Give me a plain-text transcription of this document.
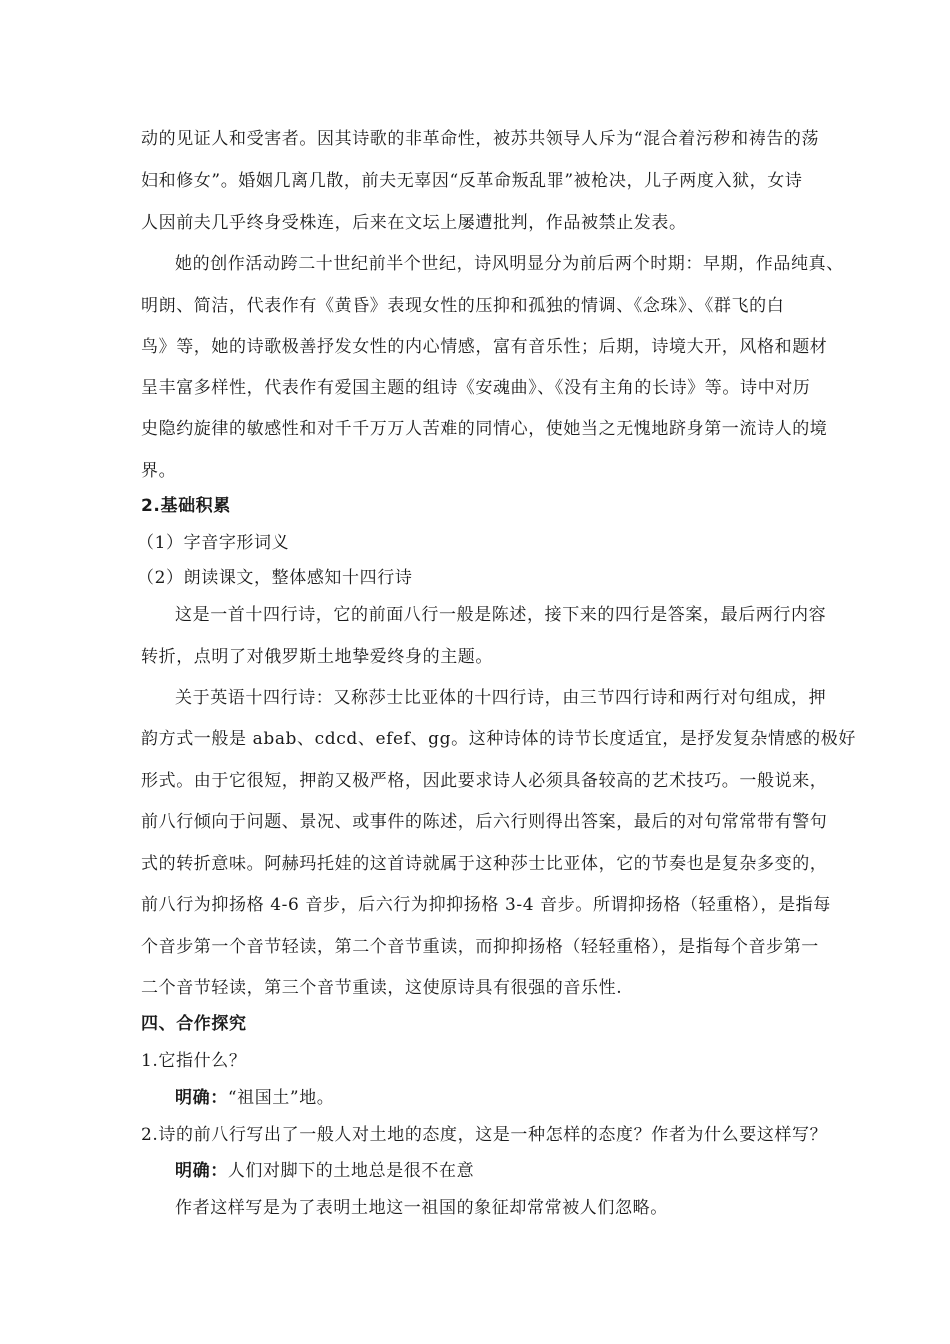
动的见证人和受害者。因其诗歌的非革命性，被苏共领导人斥为“混合着污秽和祷告的荡
妇和修女”。婚姻几离几散，前夫无辜因“反革命叛乱罪”被枪决，儿子两度入狱，女诗
人因前夫几乎终身受株连，后来在文坛上屡遭批判，作品被禁止发表。
她的创作活动跨二十世纪前半个世纪，诗风明显分为前后两个时期：早期，作品纯真、
明朗、简洁，代表作有《黄昏》表现女性的压抑和孤独的情调、《念珠》、《群飞的白
鸟》等，她的诗歌极善抒发女性的内心情感，富有音乐性；后期，诗境大开，风格和题材
呈丰富多样性，代表作有爱国主题的组诗《安魂曲》、《没有主角的长诗》等。诗中对历
史隐约旋律的敏感性和对千千万万人苦难的同情心，使她当之无愧地跻身第一流诗人的境
界。
2.基础积累
（1）字音字形词义
（2）朗读课文，整体感知十四行诗
这是一首十四行诗，它的前面八行一般是陈述，接下来的四行是答案，最后两行内容
转折，点明了对俄罗斯土地挚爱终身的主题。
关于英语十四行诗：又称莎士比亚体的十四行诗，由三节四行诗和两行对句组成，押
韵方式一般是 abab、cdcd、efef、gg。这种诗体的诗节长度适宜，是抒发复杂情感的极好
形式。由于它很短，押韵又极严格，因此要求诗人必须具备较高的艺术技巧。一般说来，
前八行倾向于问题、景况、或事件的陈述，后六行则得出答案，最后的对句常常带有警句
式的转折意味。阿赫玛托娃的这首诗就属于这种莎士比亚体，它的节奏也是复杂多变的，
前八行为抑扬格 4-6 音步，后六行为抑抑扬格 3-4 音步。所谓抑扬格（轻重格），是指每
个音步第一个音节轻读，第二个音节重读，而抑抑扬格（轻轻重格），是指每个音步第一
二个音节轻读，第三个音节重读，这使原诗具有很强的音乐性.
四、合作探究
1.它指什么？
明确：“祖国土”地。
2.诗的前八行写出了一般人对土地的态度，这是一种怎样的态度？作者为什么要这样写？
明确：人们对脚下的土地总是很不在意
作者这样写是为了表明土地这一祖国的象征却常常被人们忽略。
